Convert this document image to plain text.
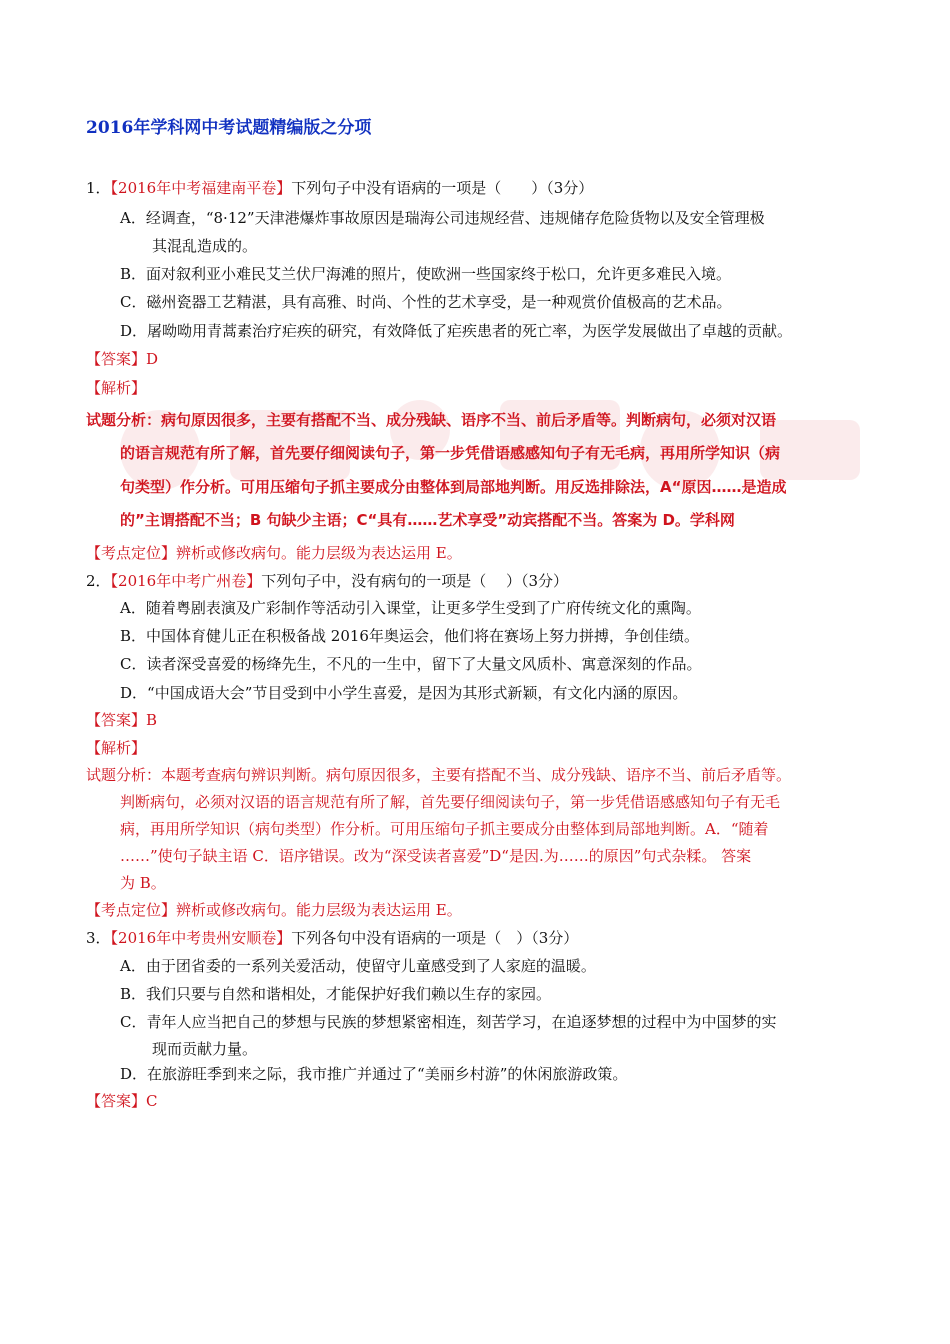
2016年学科网中考试题精编版之分项
1．【2016年中考福建南平卷】下列句子中没有语病的一项是（　　）（3分）
A．经调查，“8·12”天津港爆炸事故原因是瑞海公司违规经营、违规储存危险货物以及安全管理极
其混乱造成的。
B．面对叙利亚小难民艾兰伏尸海滩的照片，使欧洲一些国家终于松口，允许更多难民入境。
C．磁州瓷器工艺精湛，具有高雅、时尚、个性的艺术享受，是一种观赏价值极高的艺术品。
D．屠呦呦用青蒿素治疗疟疾的研究，有效降低了疟疾患者的死亡率，为医学发展做出了卓越的贡献。
【答案】D
【解析】
试题分析：病句原因很多，主要有搭配不当、成分残缺、语序不当、前后矛盾等。判断病句，必须对汉语
的语言规范有所了解，首先要仔细阅读句子，第一步凭借语感感知句子有无毛病，再用所学知识（病
句类型）作分析。可用压缩句子抓主要成分由整体到局部地判断。用反选排除法，A“原因……是造成
的”主谓搭配不当；B 句缺少主语；C“具有……艺术享受”动宾搭配不当。答案为 D。学科网
【考点定位】辨析或修改病句。能力层级为表达运用 E。
2．【2016年中考广州卷】下列句子中，没有病句的一项是（　 ）（3分）
A．随着粤剧表演及广彩制作等活动引入课堂，让更多学生受到了广府传统文化的熏陶。
B．中国体育健儿正在积极备战 2016年奥运会，他们将在赛场上努力拼搏，争创佳绩。
C．读者深受喜爱的杨绛先生，不凡的一生中，留下了大量文风质朴、寓意深刻的作品。
D．“中国成语大会”节目受到中小学生喜爱，是因为其形式新颖，有文化内涵的原因。
【答案】B
【解析】
试题分析：本题考查病句辨识判断。病句原因很多，主要有搭配不当、成分残缺、语序不当、前后矛盾等。
判断病句，必须对汉语的语言规范有所了解，首先要仔细阅读句子，第一步凭借语感感知句子有无毛
病，再用所学知识（病句类型）作分析。可用压缩句子抓主要成分由整体到局部地判断。A．“随着
……”使句子缺主语 C．语序错误。改为“深受读者喜爱”D“是因.为……的原因”句式杂糅。 答案
为 B。
【考点定位】辨析或修改病句。能力层级为表达运用 E。
3．【2016年中考贵州安顺卷】下列各句中没有语病的一项是（　）（3分）
A．由于团省委的一系列关爱活动，使留守儿童感受到了人家庭的温暖。
B．我们只要与自然和谐相处，才能保护好我们赖以生存的家园。
C．青年人应当把自己的梦想与民族的梦想紧密相连，刻苦学习，在追逐梦想的过程中为中国梦的实
现而贡献力量。
D．在旅游旺季到来之际，我市推广并通过了“美丽乡村游”的休闲旅游政策。
【答案】C
